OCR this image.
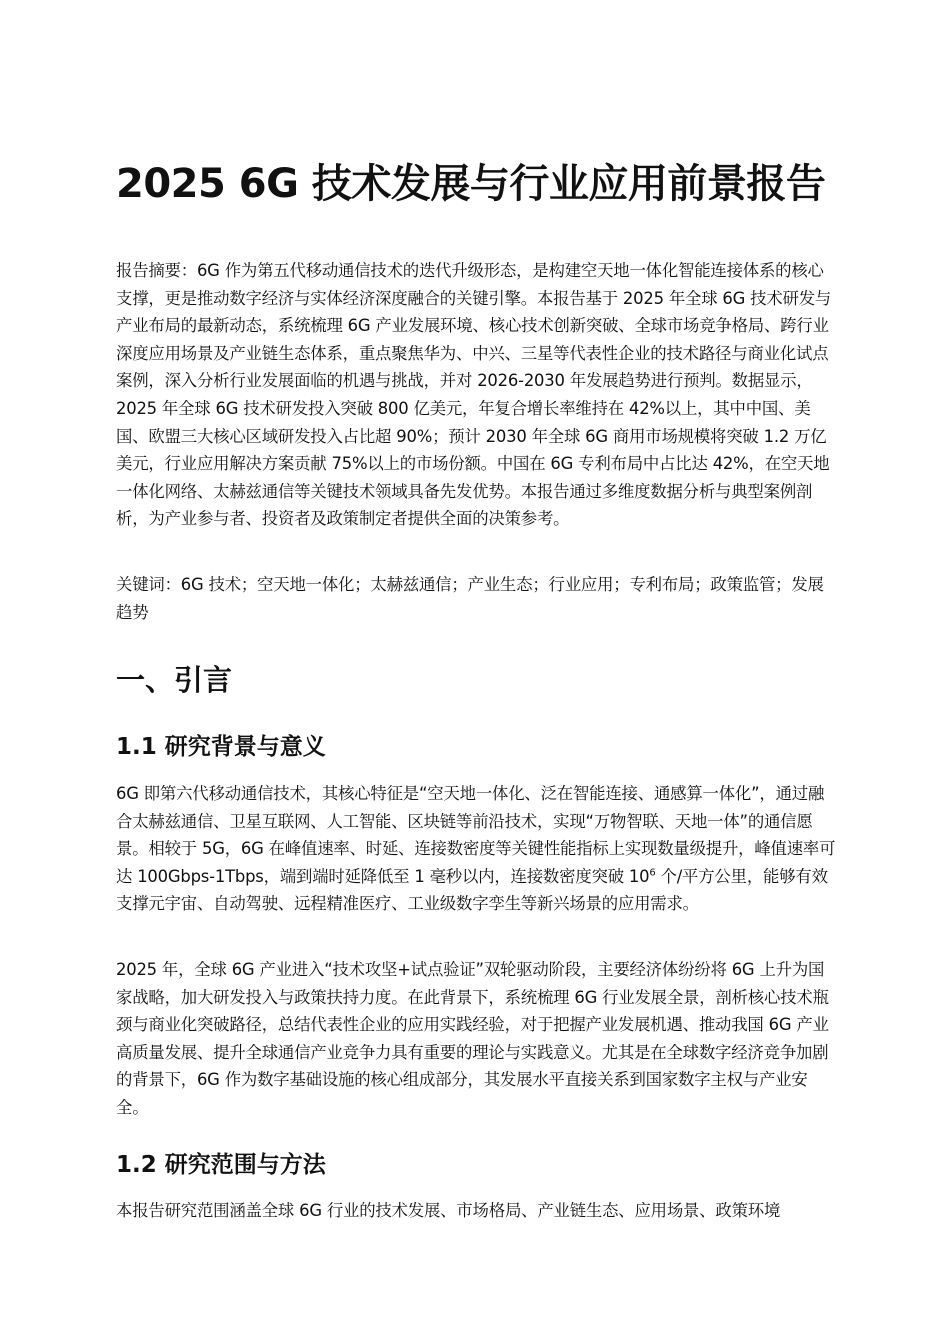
2025 6G 技术发展与行业应用前景报告

报告摘要：6G 作为第五代移动通信技术的迭代升级形态，是构建空天地一体化智能连接体系的核心支撑，更是推动数字经济与实体经济深度融合的关键引擎。本报告基于 2025 年全球 6G 技术研发与产业布局的最新动态，系统梳理 6G 产业发展环境、核心技术创新突破、全球市场竞争格局、跨行业深度应用场景及产业链生态体系，重点聚焦华为、中兴、三星等代表性企业的技术路径与商业化试点案例，深入分析行业发展面临的机遇与挑战，并对 2026-2030 年发展趋势进行预判。数据显示，2025 年全球 6G 技术研发投入突破 800 亿美元，年复合增长率维持在 42%以上，其中中国、美国、欧盟三大核心区域研发投入占比超 90%；预计 2030 年全球 6G 商用市场规模将突破 1.2 万亿美元，行业应用解决方案贡献 75%以上的市场份额。中国在 6G 专利布局中占比达 42%，在空天地一体化网络、太赫兹通信等关键技术领域具备先发优势。本报告通过多维度数据分析与典型案例剖析，为产业参与者、投资者及政策制定者提供全面的决策参考。

关键词：6G 技术；空天地一体化；太赫兹通信；产业生态；行业应用；专利布局；政策监管；发展趋势

一、引言
1.1 研究背景与意义

6G 即第六代移动通信技术，其核心特征是“空天地一体化、泛在智能连接、通感算一体化”，通过融合太赫兹通信、卫星互联网、人工智能、区块链等前沿技术，实现“万物智联、天地一体”的通信愿景。相较于 5G，6G 在峰值速率、时延、连接数密度等关键性能指标上实现数量级提升，峰值速率可达 100Gbps-1Tbps，端到端时延降低至 1 毫秒以内，连接数密度突破 $10^6$ 个/平方公里，能够有效支撑元宇宙、自动驾驶、远程精准医疗、工业级数字孪生等新兴场景的应用需求。

2025 年，全球 6G 产业进入“技术攻坚+试点验证”双轮驱动阶段，主要经济体纷纷将 6G 上升为国家战略，加大研发投入与政策扶持力度。在此背景下，系统梳理 6G 行业发展全景，剖析核心技术瓶颈与商业化突破路径，总结代表性企业的应用实践经验，对于把握产业发展机遇、推动我国 6G 产业高质量发展、提升全球通信产业竞争力具有重要的理论与实践意义。尤其是在全球数字经济竞争加剧的背景下，6G 作为数字基础设施的核心组成部分，其发展水平直接关系到国家数字主权与产业安全。

1.2 研究范围与方法

本报告研究范围涵盖全球 6G 行业的技术发展、市场格局、产业链生态、应用场景、政策环境
